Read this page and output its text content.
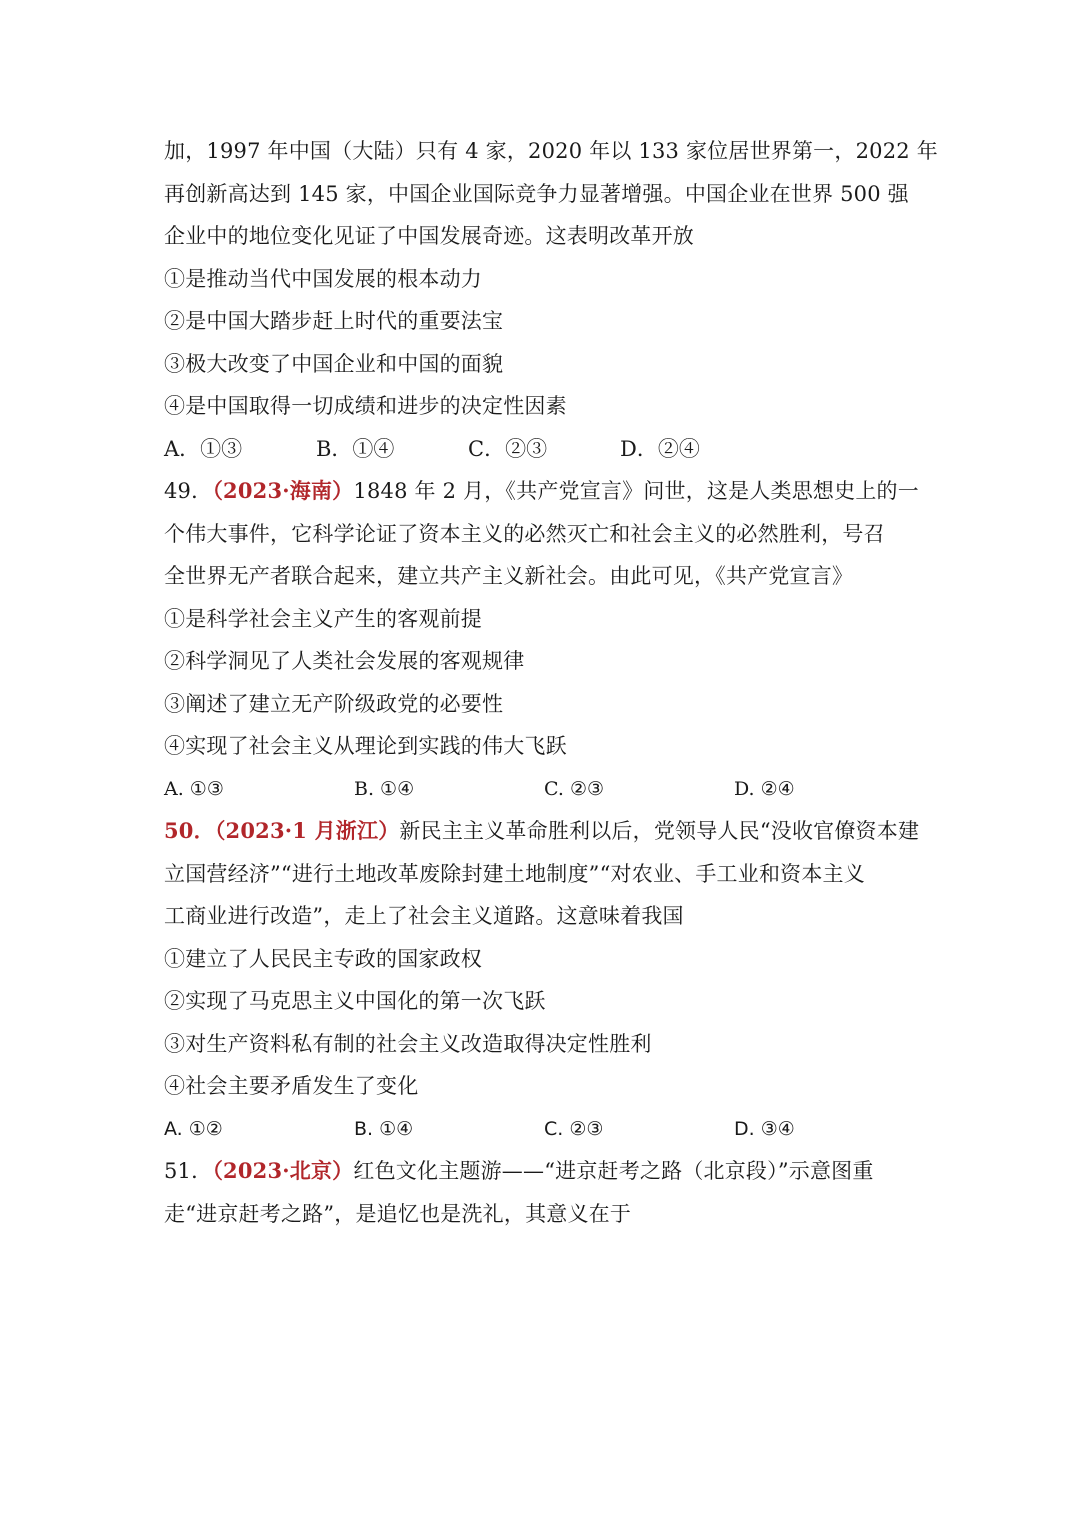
加，1997 年中国（大陆）只有 4 家，2020 年以 133 家位居世界第一，2022 年
再创新高达到 145 家，中国企业国际竞争力显著增强。中国企业在世界 500 强
企业中的地位变化见证了中国发展奇迹。这表明改革开放
①是推动当代中国发展的根本动力
②是中国大踏步赶上时代的重要法宝
③极大改变了中国企业和中国的面貌
④是中国取得一切成绩和进步的决定性因素
A．①③	B．①④	C．②③	D．②④
49．（2023·海南）1848 年 2 月，《共产党宣言》问世，这是人类思想史上的一
个伟大事件，它科学论证了资本主义的必然灭亡和社会主义的必然胜利，号召
全世界无产者联合起来，建立共产主义新社会。由此可见，《共产党宣言》
①是科学社会主义产生的客观前提
②科学洞见了人类社会发展的客观规律
③阐述了建立无产阶级政党的必要性
④实现了社会主义从理论到实践的伟大飞跃
A. ①③	B. ①④	C. ②③	D. ②④
50．（2023·1 月浙江）新民主主义革命胜利以后，党领导人民“没收官僚资本建
立国营经济”“进行土地改革废除封建土地制度”“对农业、手工业和资本主义
工商业进行改造”，走上了社会主义道路。这意味着我国
①建立了人民民主专政的国家政权
②实现了马克思主义中国化的第一次飞跃
③对生产资料私有制的社会主义改造取得决定性胜利
④社会主要矛盾发生了变化
A. ①②	B. ①④	C. ②③	D. ③④
51．（2023·北京）红色文化主题游——“进京赶考之路（北京段）”示意图重
走“进京赶考之路”，是追忆也是洗礼，其意义在于
